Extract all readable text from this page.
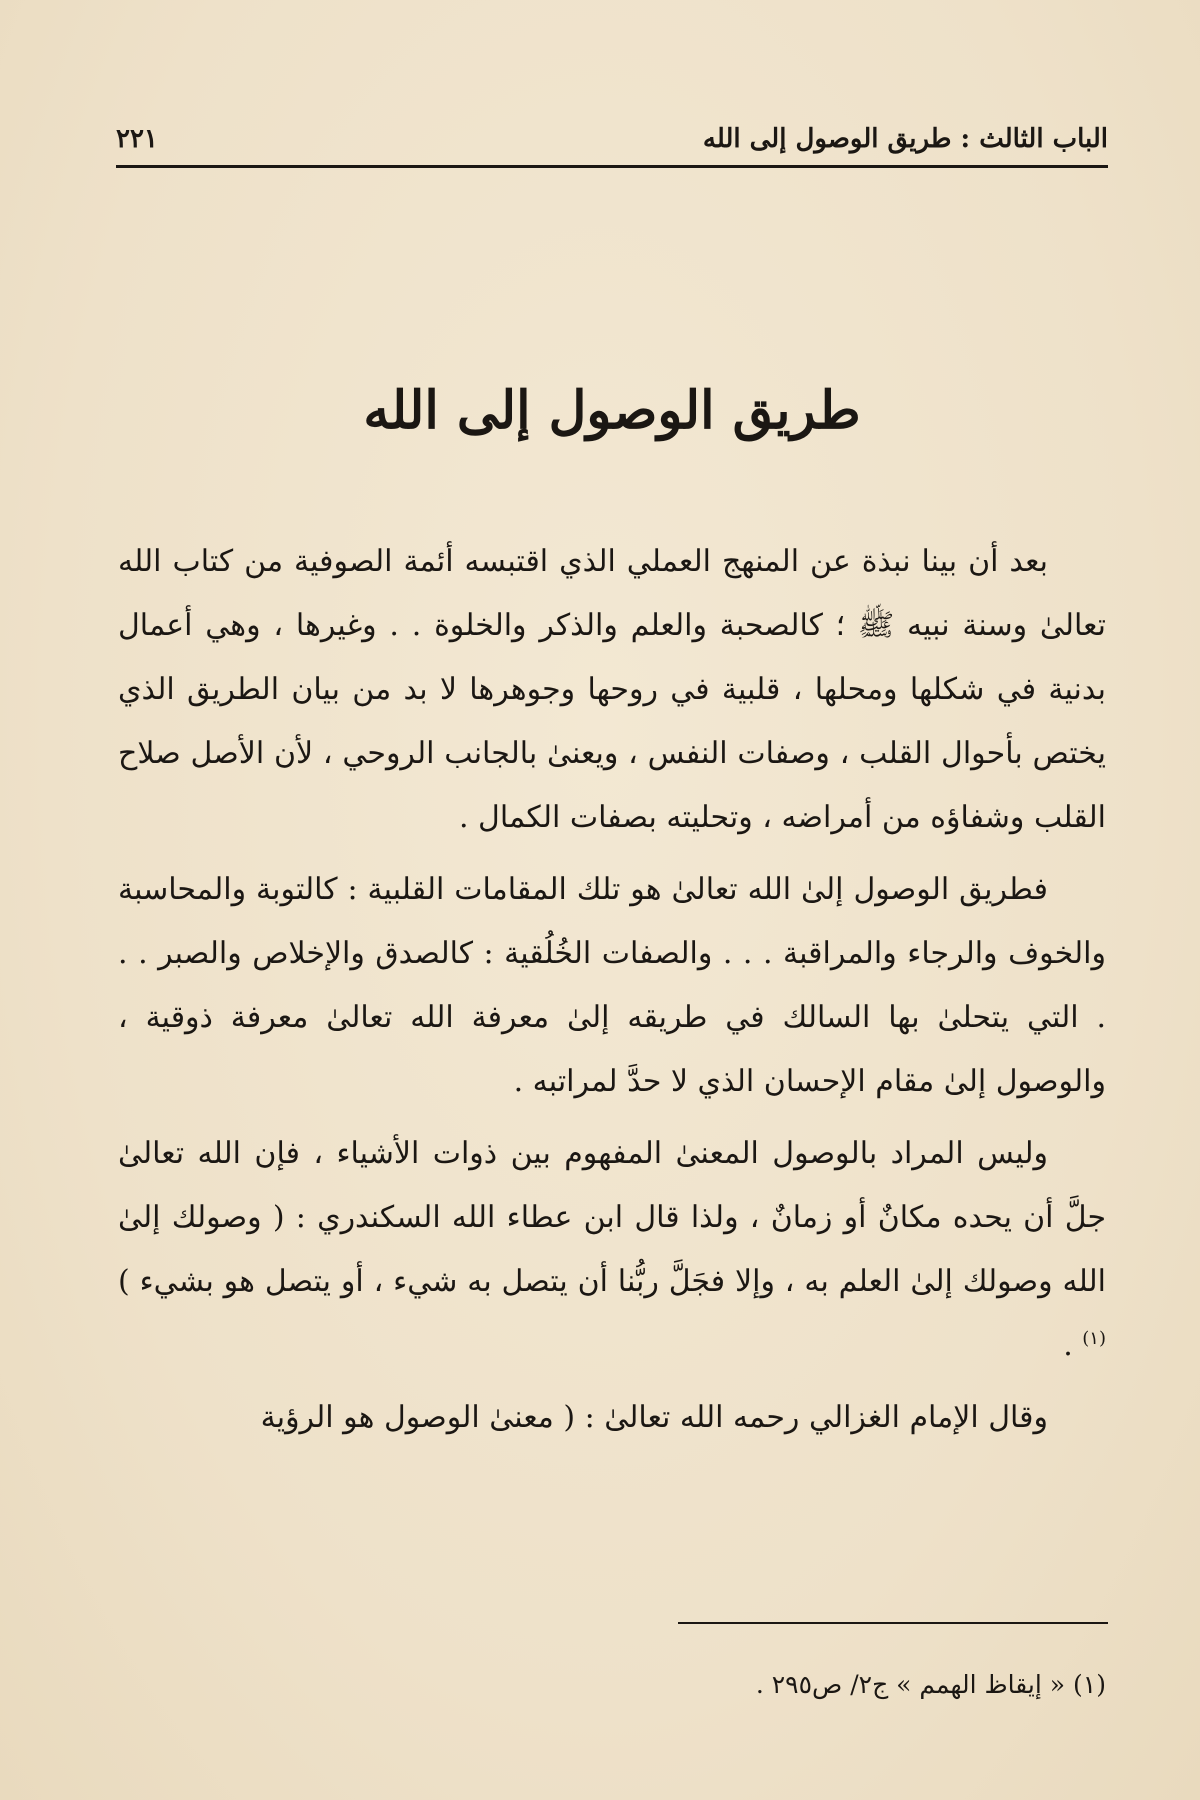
الباب الثالث : طريق الوصول إلى الله
٢٢١
طريق الوصول إلى الله

بعد أن بينا نبذة عن المنهج العملي الذي اقتبسه أئمة الصوفية من كتاب الله تعالىٰ وسنة نبيه ﷺ ؛ كالصحبة والعلم والذكر والخلوة . . وغيرها ، وهي أعمال بدنية في شكلها ومحلها ، قلبية في روحها وجوهرها لا بد من بيان الطريق الذي يختص بأحوال القلب ، وصفات النفس ، ويعنىٰ بالجانب الروحي ، لأن الأصل صلاح القلب وشفاؤه من أمراضه ، وتحليته بصفات الكمال .

فطريق الوصول إلىٰ الله تعالىٰ هو تلك المقامات القلبية : كالتوبة والمحاسبة والخوف والرجاء والمراقبة . . . والصفات الخُلُقية : كالصدق والإخلاص والصبر . . . التي يتحلىٰ بها السالك في طريقه إلىٰ معرفة الله تعالىٰ معرفة ذوقية ، والوصول إلىٰ مقام الإحسان الذي لا حدَّ لمراتبه .

وليس المراد بالوصول المعنىٰ المفهوم بين ذوات الأشياء ، فإن الله تعالىٰ جلَّ أن يحده مكانٌ أو زمانٌ ، ولذا قال ابن عطاء الله السكندري : ( وصولك إلىٰ الله وصولك إلىٰ العلم به ، وإلا فجَلَّ ربُّنا أن يتصل به شيء ، أو يتصل هو بشيء )$^{(١)}$ .

وقال الإمام الغزالي رحمه الله تعالىٰ : ( معنىٰ الوصول هو الرؤية

(١) « إيقاظ الهمم » ج٢/ ص٢٩٥ .
